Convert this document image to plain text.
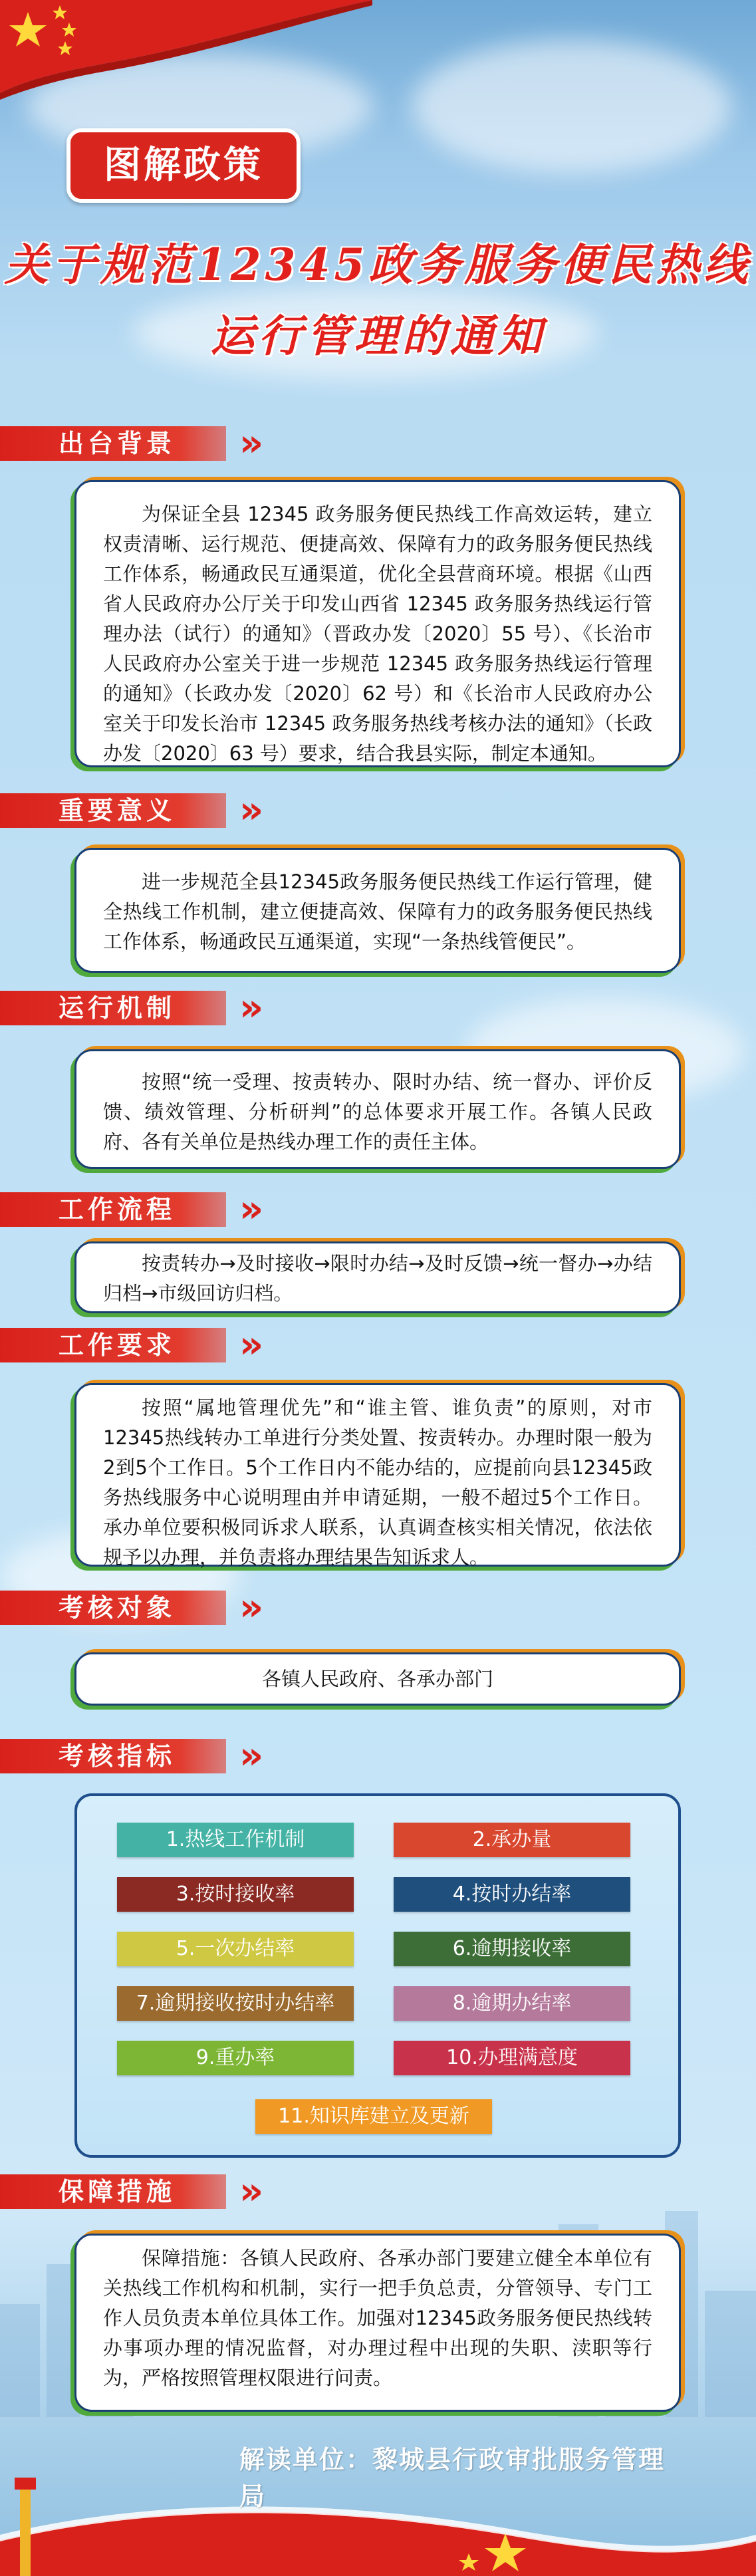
图解政策
关于规范12345政务服务便民热线
运行管理的通知
出台背景	»

为保证全县 12345 政务服务便民热线工作高效运转，建立权责清晰、运行规范、便捷高效、保障有力的政务服务便民热线工作体系，畅通政民互通渠道，优化全县营商环境。根据《山西省人民政府办公厅关于印发山西省 12345 政务服务热线运行管理办法（试行）的通知》（晋政办发〔2020〕55 号）、《长治市人民政府办公室关于进一步规范 12345 政务服务热线运行管理的通知》（长政办发〔2020〕62 号）和《长治市人民政府办公室关于印发长治市 12345 政务服务热线考核办法的通知》（长政办发〔2020〕63 号）要求，结合我县实际，制定本通知。

重要意义	»

进一步规范全县12345政务服务便民热线工作运行管理，健全热线工作机制，建立便捷高效、保障有力的政务服务便民热线工作体系，畅通政民互通渠道，实现“一条热线管便民”。

运行机制	»

按照“统一受理、按责转办、限时办结、统一督办、评价反馈、绩效管理、分析研判”的总体要求开展工作。各镇人民政府、各有关单位是热线办理工作的责任主体。

工作流程	»

按责转办→及时接收→限时办结→及时反馈→统一督办→办结归档→市级回访归档。

工作要求	»

按照“属地管理优先”和“谁主管、谁负责”的原则，对市12345热线转办工单进行分类处置、按责转办。办理时限一般为2到5个工作日。5个工作日内不能办结的，应提前向县12345政务热线服务中心说明理由并申请延期，一般不超过5个工作日。承办单位要积极同诉求人联系，认真调查核实相关情况，依法依规予以办理，并负责将办理结果告知诉求人。

考核对象	»
各镇人民政府、各承办部门
考核指标	»
1.热线工作机制	2.承办量
3.按时接收率	4.按时办结率
5.一次办结率	6.逾期接收率
7.逾期接收按时办结率	8.逾期办结率
9.重办率	10.办理满意度
11.知识库建立及更新
保障措施	»

保障措施：各镇人民政府、各承办部门要建立健全本单位有关热线工作机构和机制，实行一把手负总责，分管领导、专门工作人员负责本单位具体工作。加强对12345政务服务便民热线转办事项办理的情况监督，对办理过程中出现的失职、渎职等行为，严格按照管理权限进行问责。

解读单位：黎城县行政审批服务管理局
